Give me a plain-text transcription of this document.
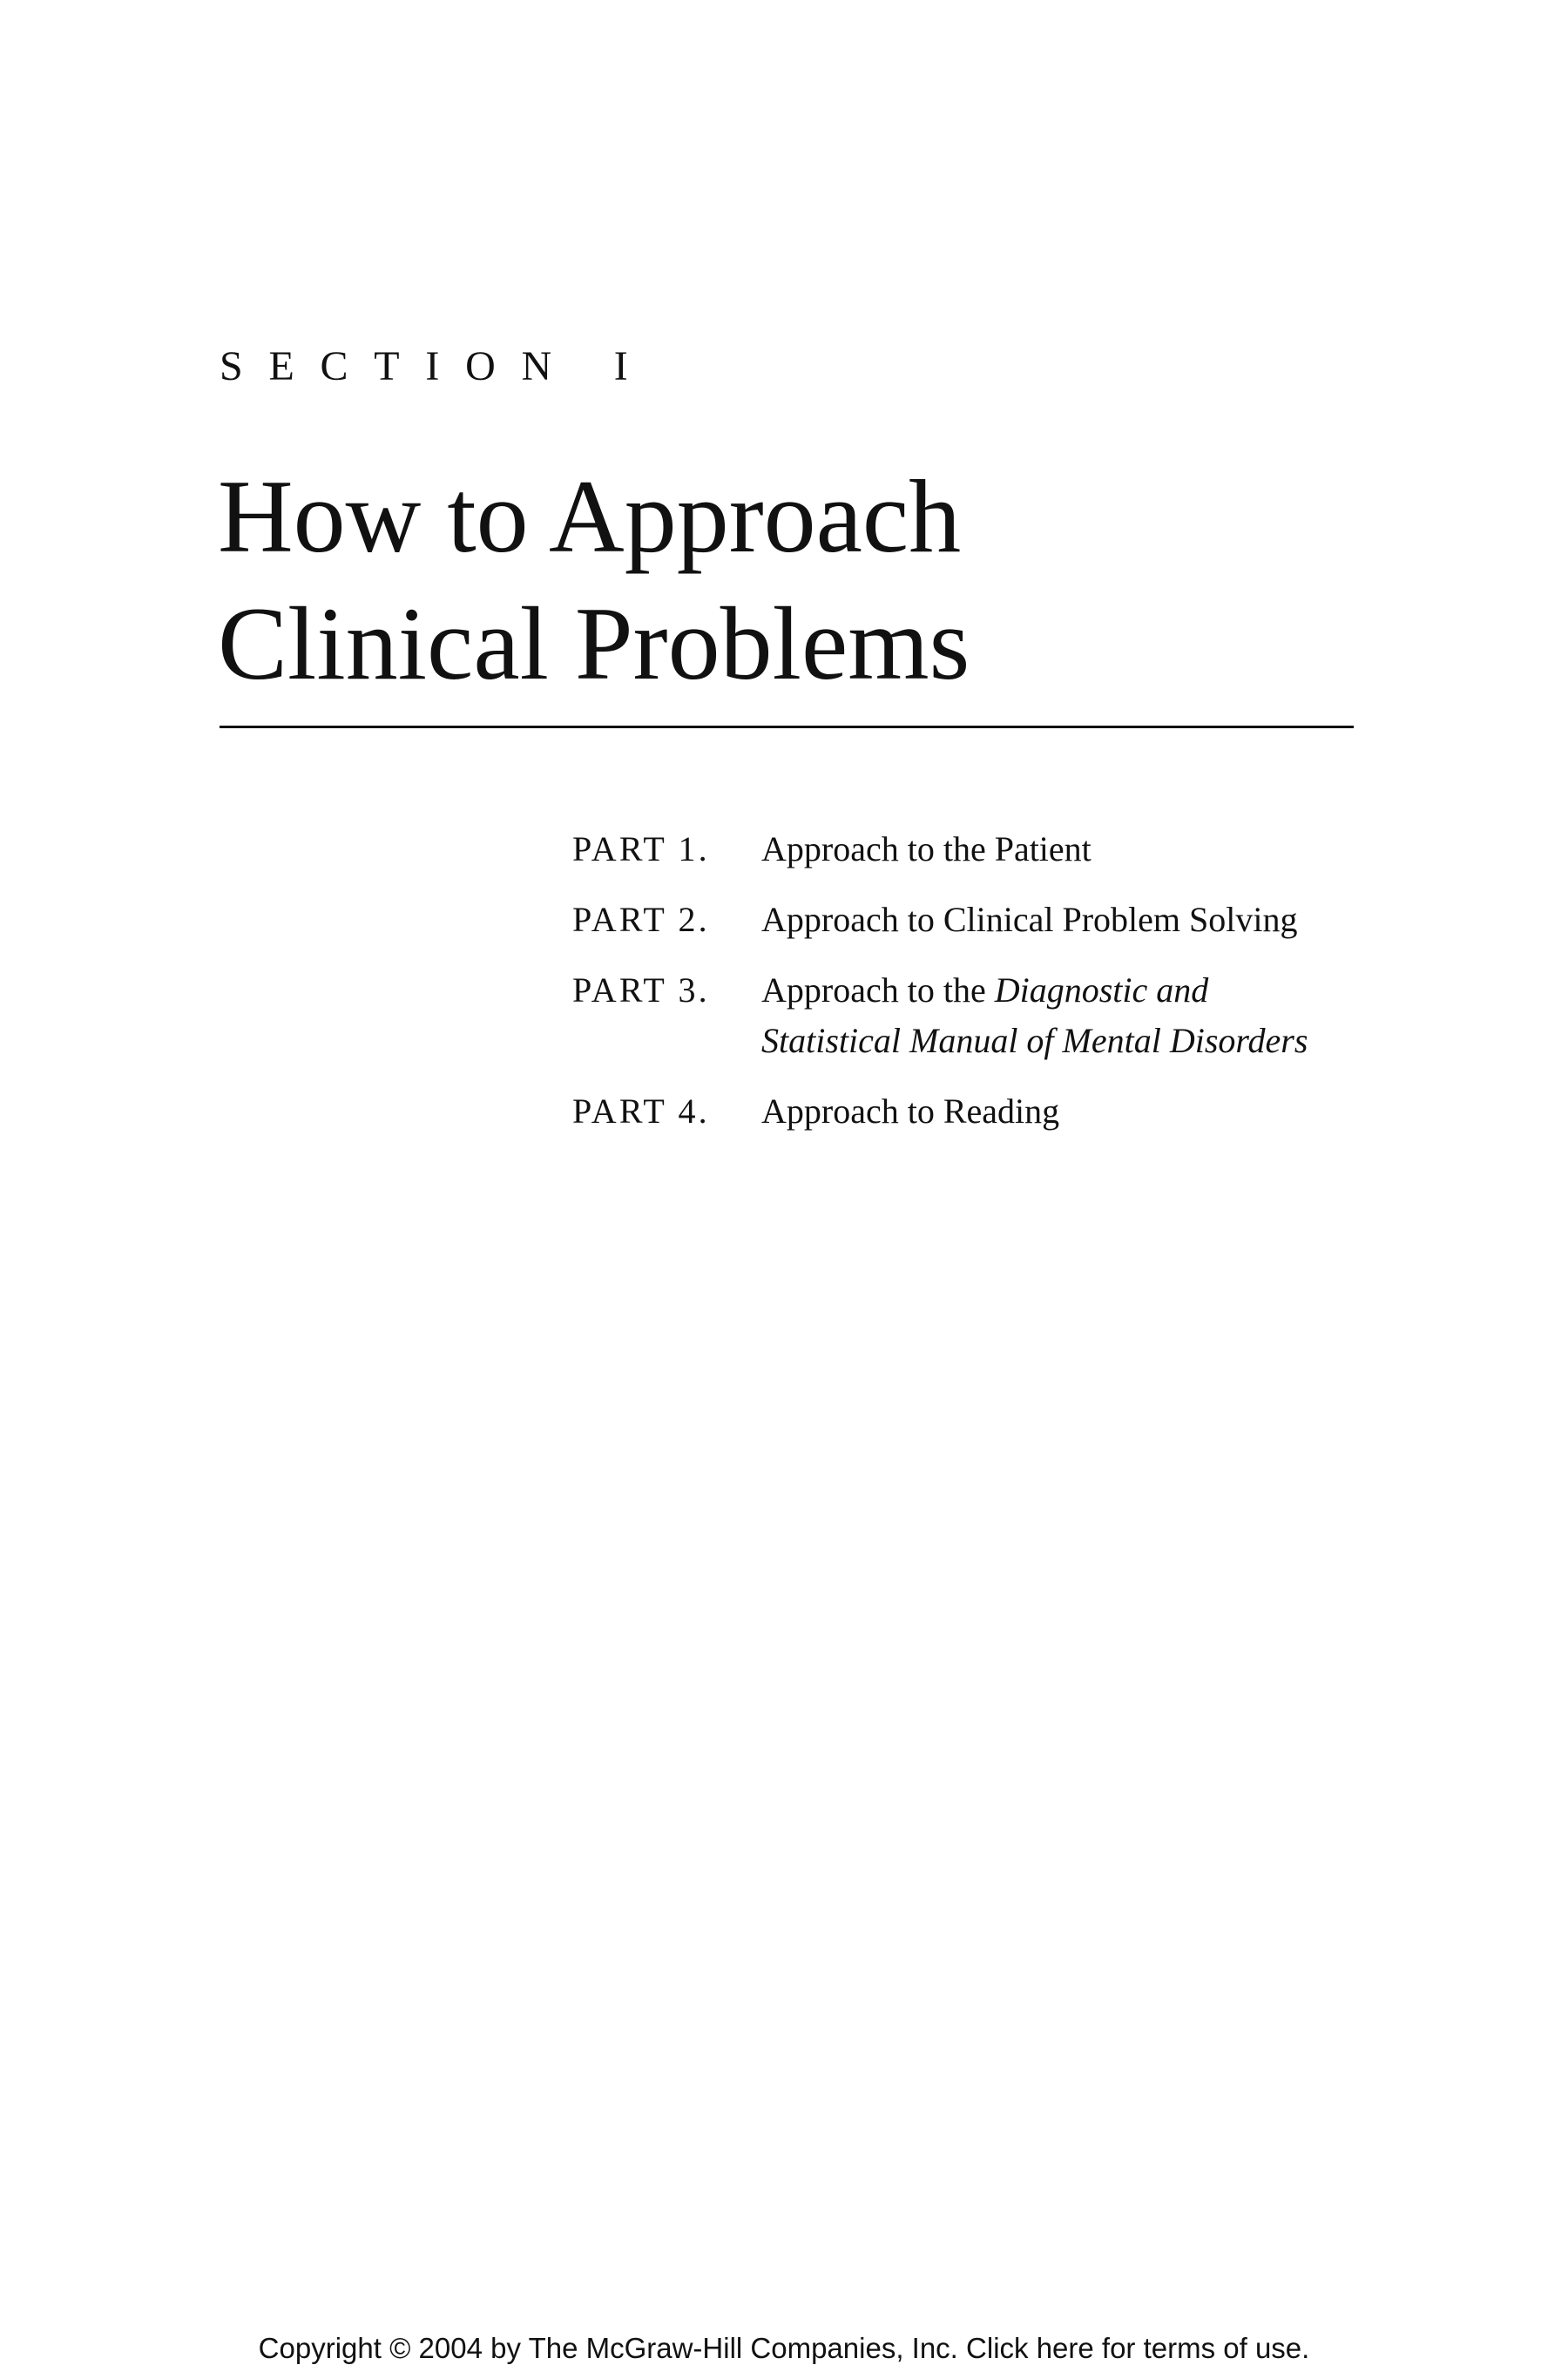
SECTION I
How to Approach
Clinical Problems
PART 1. Approach to the Patient
PART 2. Approach to Clinical Problem Solving
PART 3. Approach to the Diagnostic and
Statistical Manual of Mental Disorders
PART 4. Approach to Reading
Copyright © 2004 by The McGraw-Hill Companies, Inc. Click here for terms of use.
